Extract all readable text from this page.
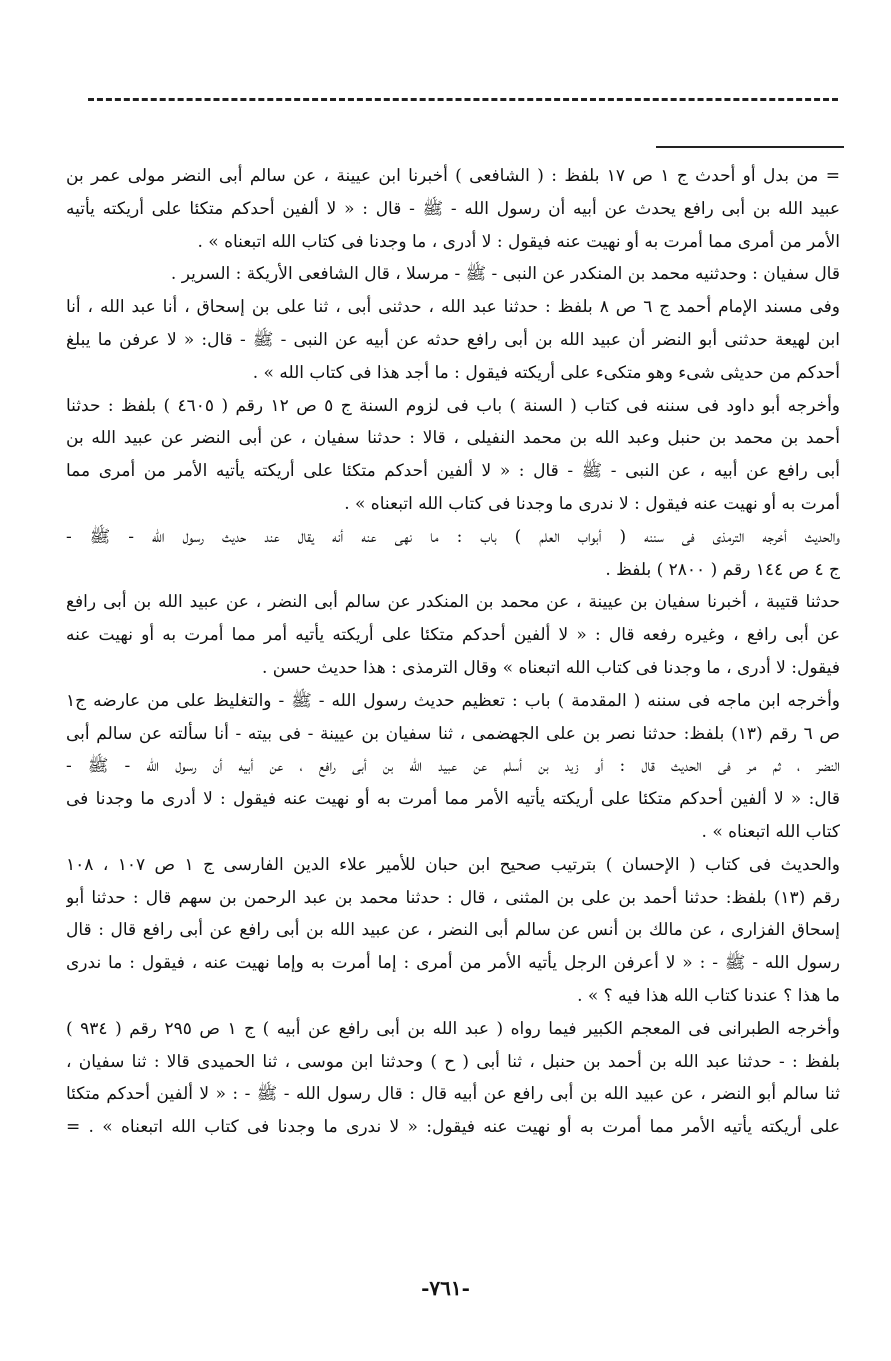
= من بدل أو أحدث ج ١ ص ١٧ بلفظ : ( الشافعى ) أخبرنا ابن عيينة ، عن سالم أبى النضر مولى عمر بن
عبيد الله بن أبى رافع يحدث عن أبيه أن رسول الله - ﷺ - قال : « لا ألفين أحدكم متكئا على أريكته يأتيه
الأمر من أمرى مما أمرت به أو نهيت عنه فيقول : لا أدرى ، ما وجدنا فى كتاب الله اتبعناه » .
قال سفيان : وحدثنيه محمد بن المنكدر عن النبى - ﷺ - مرسلا ، قال الشافعى الأريكة : السرير .
وفى مسند الإمام أحمد ج ٦ ص ٨ بلفظ : حدثنا عبد الله ، حدثنى أبى ، ثنا على بن إسحاق ، أنا عبد الله ، أنا
ابن لهيعة حدثنى أبو النضر أن عبيد الله بن أبى رافع حدثه عن أبيه عن النبى - ﷺ - قال: « لا عرفن ما يبلغ
أحدكم من حديثى شىء وهو متكىء على أريكته فيقول : ما أجد هذا فى كتاب الله » .
وأخرجه أبو داود فى سننه فى كتاب ( السنة ) باب فى لزوم السنة ج ٥ ص ١٢ رقم ( ٤٦٠٥ ) بلفظ : حدثنا
أحمد بن محمد بن حنبل وعبد الله بن محمد النفيلى ، قالا : حدثنا سفيان ، عن أبى النضر عن عبيد الله بن
أبى رافع عن أبيه ، عن النبى - ﷺ - قال : « لا ألفين أحدكم متكئا على أريكته يأتيه الأمر من أمرى مما
أمرت به أو نهيت عنه فيقول : لا ندرى ما وجدنا فى كتاب الله اتبعناه » .
والحديث أخرجه الترمذى فى سننه ( أبواب العلم ) باب : ما نهى عنه أنه يقال عند حديث رسول الله - ﷺ -
ج ٤ ص ١٤٤ رقم ( ٢٨٠٠ ) بلفظ .
حدثنا قتيبة ، أخبرنا سفيان بن عيينة ، عن محمد بن المنكدر عن سالم أبى النضر ، عن عبيد الله بن أبى رافع
عن أبى رافع ، وغيره رفعه قال : « لا ألفين أحدكم متكئا على أريكته يأتيه أمر مما أمرت به أو نهيت عنه
فيقول: لا أدرى ، ما وجدنا فى كتاب الله اتبعناه » وقال الترمذى : هذا حديث حسن .
وأخرجه ابن ماجه فى سننه ( المقدمة ) باب : تعظيم حديث رسول الله - ﷺ - والتغليظ على من عارضه ج١
ص ٦ رقم (١٣) بلفظ: حدثنا نصر بن على الجهضمى ، ثنا سفيان بن عيينة - فى بيته - أنا سألته عن سالم أبى
النضر ، ثم مر فى الحديث قال : أو زيد بن أسلم عن عبيد الله بن أبى رافع ، عن أبيه أن رسول الله - ﷺ -
قال: « لا ألفين أحدكم متكئا على أريكته يأتيه الأمر مما أمرت به أو نهيت عنه فيقول : لا أدرى ما وجدنا فى
كتاب الله اتبعناه » .
والحديث فى كتاب ( الإحسان ) بترتيب صحيح ابن حبان للأمير علاء الدين الفارسى ج ١ ص ١٠٧ ، ١٠٨
رقم (١٣) بلفظ: حدثنا أحمد بن على بن المثنى ، قال : حدثنا محمد بن عبد الرحمن بن سهم قال : حدثنا أبو
إسحاق الفزارى ، عن مالك بن أنس عن سالم أبى النضر ، عن عبيد الله بن أبى رافع عن أبى رافع قال : قال
رسول الله - ﷺ - : « لا أعرفن الرجل يأتيه الأمر من أمرى : إما أمرت به وإما نهيت عنه ، فيقول : ما ندرى
ما هذا ؟ عندنا كتاب الله هذا فيه ؟ » .
وأخرجه الطبرانى فى المعجم الكبير فيما رواه ( عبد الله بن أبى رافع عن أبيه ) ج ١ ص ٢٩٥ رقم ( ٩٣٤ )
بلفظ : - حدثنا عبد الله بن أحمد بن حنبل ، ثنا أبى ( ح ) وحدثنا ابن موسى ، ثنا الحميدى قالا : ثنا سفيان ،
ثنا سالم أبو النضر ، عن عبيد الله بن أبى رافع عن أبيه قال : قال رسول الله - ﷺ - : « لا ألفين أحدكم متكئا
على أريكته يأتيه الأمر مما أمرت به أو نهيت عنه فيقول: « لا ندرى ما وجدنا فى كتاب الله اتبعناه » . =
-٧٦١-
